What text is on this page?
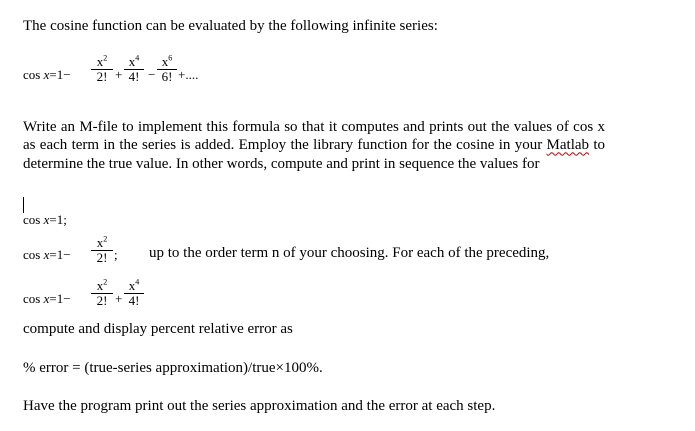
The cosine function can be evaluated by the following infinite series:
cos x=1−
$x^2$
2! +
$x^4$
4! −
$x^6$
6! +....
Write an M-file to implement this formula so that it computes and prints out the values of cos x as each term in the series is added. Employ the library function for the cosine in your Matlab to determine the true value. In other words, compute and print in sequence the values for
cos x=1;
cos x=1−
$x^2$
2! ; up to the order term n of your choosing. For each of the preceding,
cos x=1−
$x^2$
2! +
$x^4$
4!
compute and display percent relative error as
% error = (true-series approximation)/true×100%.
Have the program print out the series approximation and the error at each step.
